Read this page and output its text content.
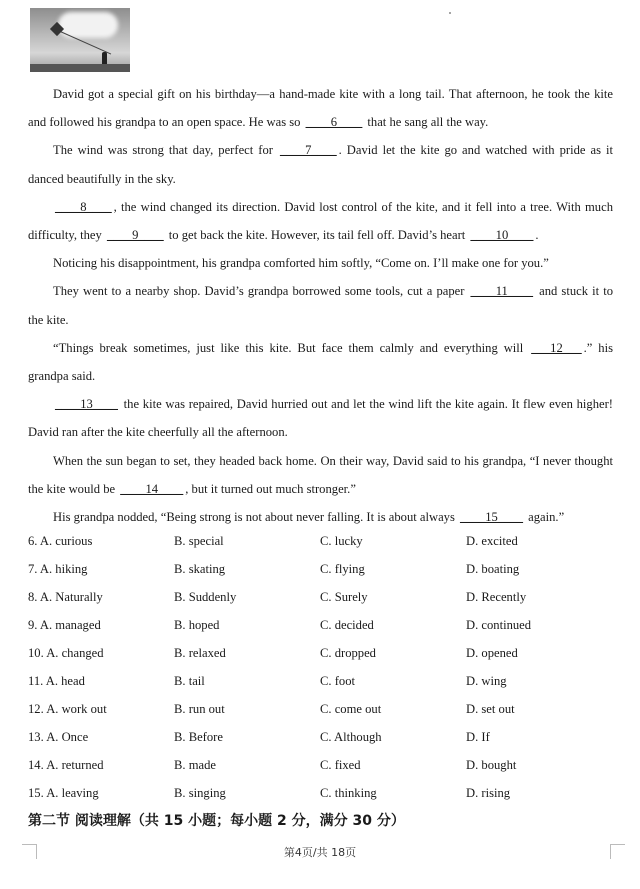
David got a special gift on his birthday—a hand-made kite with a long tail. That afternoon, he took the kite and followed his grandpa to an open space. He was so ____6____ that he sang all the way.

The wind was strong that day, perfect for ____7____ . David let the kite go and watched with pride as it danced beautifully in the sky.

____8____ , the wind changed its direction. David lost control of the kite, and it fell into a tree. With much difficulty, they ____9____ to get back the kite. However, its tail fell off. David’s heart ____10____ .

Noticing his disappointment, his grandpa comforted him softly, “Come on. I’ll make one for you.”

They went to a nearby shop. David’s grandpa borrowed some tools, cut a paper ____11____ and stuck it to the kite.

“Things break sometimes, just like this kite. But face them calmly and everything will ___12___ .” his grandpa said.

____13____ the kite was repaired, David hurried out and let the wind lift the kite again. It flew even higher! David ran after the kite cheerfully all the afternoon.

When the sun began to set, they headed back home. On their way, David said to his grandpa, “I never thought the kite would be ____14____ , but it turned out much stronger.”

His grandpa nodded, “Being strong is not about never falling. It is about always ____15____ again.”

6. A. curious	B. special	C. lucky	D. excited
7. A. hiking	B. skating	C. flying	D. boating
8. A. Naturally	B. Suddenly	C. Surely	D. Recently
9. A. managed	B. hoped	C. decided	D. continued
10. A. changed	B. relaxed	C. dropped	D. opened
11. A. head	B. tail	C. foot	D. wing
12. A. work out	B. run out	C. come out	D. set out
13. A. Once	B. Before	C. Although	D. If
14. A. returned	B. made	C. fixed	D. bought
15. A. leaving	B. singing	C. thinking	D. rising
第二节 阅读理解（共 15 小题；每小题 2 分，满分 30 分）
第4页/共 18页
